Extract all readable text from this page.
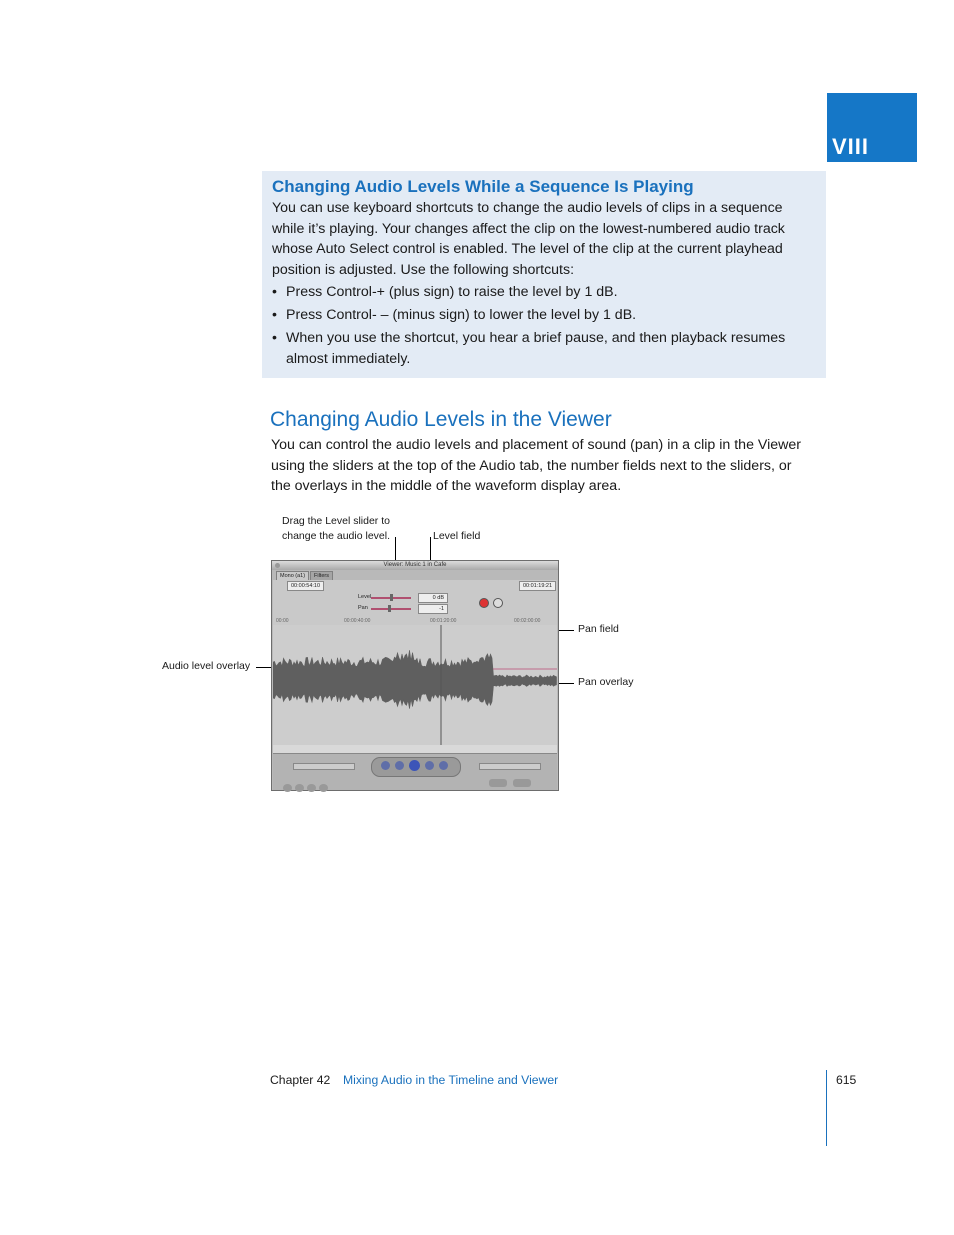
VIII
Changing Audio Levels While a Sequence Is Playing
You can use keyboard shortcuts to change the audio levels of clips in a sequence
while it’s playing. Your changes affect the clip on the lowest-numbered audio track
whose Auto Select control is enabled. The level of the clip at the current playhead
position is adjusted. Use the following shortcuts:
• Press Control-+ (plus sign) to raise the level by 1 dB.
• Press Control- – (minus sign) to lower the level by 1 dB.
• When you use the shortcut, you hear a brief pause, and then playback resumes
almost immediately.
Changing Audio Levels in the Viewer
You can control the audio levels and placement of sound (pan) in a clip in the Viewer
using the sliders at the top of the Audio tab, the number fields next to the sliders, or
the overlays in the middle of the waveform display area.
Drag the Level slider to
change the audio level.	Level field
Pan field
Audio level overlay
Pan overlay
Viewer: Music 1 in Cafe
Mono (a1)	Filters
00:00:54:10	00:01:19:21
Level	0 dB
Pan	-1
00:00	00:00:40:00	00:01:20:00	00:02:00:00
Chapter 42 Mixing Audio in the Timeline and Viewer	615
